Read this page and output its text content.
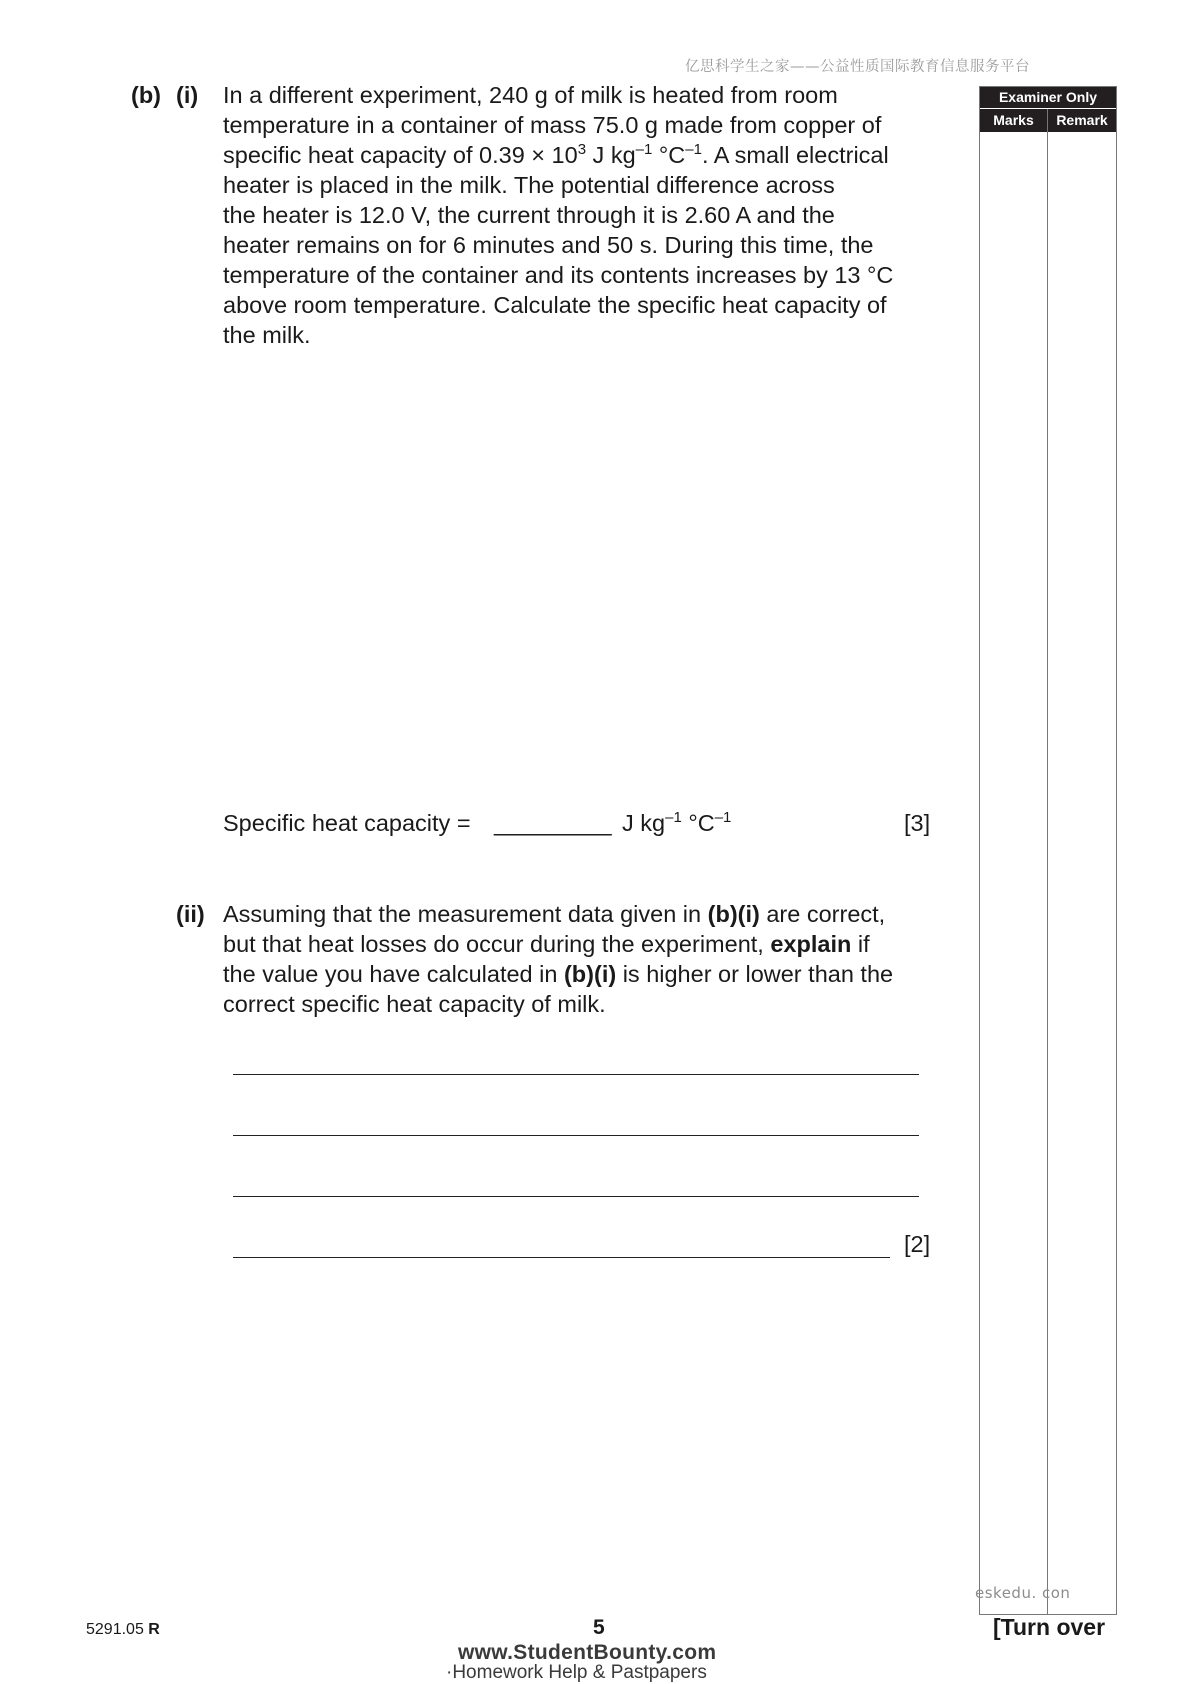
亿思科学生之家——公益性质国际教育信息服务平台
Examiner Only
Marks	Remark
eskedu. con
(b) (i) In a different experiment, 240 g of milk is heated from room
temperature in a container of mass 75.0 g made from copper of
specific heat capacity of $0.39 \times 10^3$ J $kg^{-1}$ $^\circ C^{-1}$. A small electrical
heater is placed in the milk. The potential difference across
the heater is 12.0 V, the current through it is 2.60 A and the
heater remains on for 6 minutes and 50 s. During this time, the
temperature of the container and its contents increases by 13 °C
above room temperature. Calculate the specific heat capacity of
the milk.
Specific heat capacity = _________ J $kg^{-1}$ $^\circ C^{-1}$	[3]
(ii) Assuming that the measurement data given in (b)(i) are correct,
but that heat losses do occur during the experiment, explain if
the value you have calculated in (b)(i) is higher or lower than the
correct specific heat capacity of milk.
[2]
5291.05 R	5	[Turn over
www.StudentBounty.com
·Homework Help & Pastpapers
